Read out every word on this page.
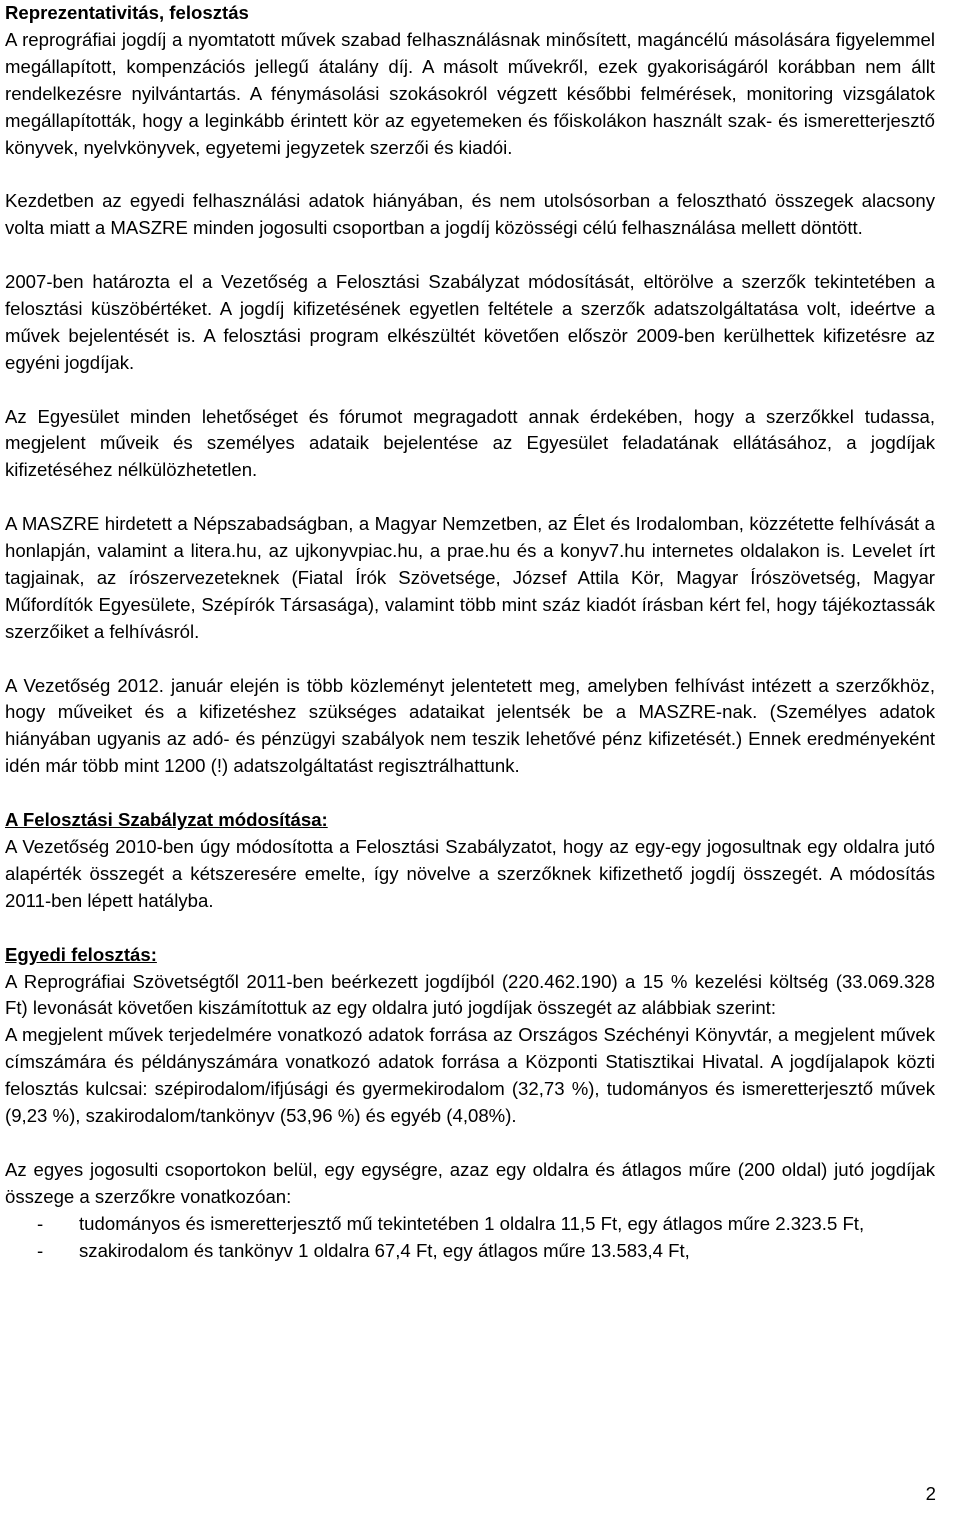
Reprezentativitás, felosztás

A reprográfiai jogdíj a nyomtatott művek szabad felhasználásnak minősített, magáncélú másolására figyelemmel megállapított, kompenzációs jellegű átalány díj. A másolt művekről, ezek gyakoriságáról korábban nem állt rendelkezésre nyilvántartás. A fénymásolási szokásokról végzett későbbi felmérések, monitoring vizsgálatok megállapították, hogy a leginkább érintett kör az egyetemeken és főiskolákon használt szak- és ismeretterjesztő könyvek, nyelvkönyvek, egyetemi jegyzetek szerzői és kiadói.

Kezdetben az egyedi felhasználási adatok hiányában, és nem utolsósorban a felosztható összegek alacsony volta miatt a MASZRE minden jogosulti csoportban a jogdíj közösségi célú felhasználása mellett döntött.

2007-ben határozta el a Vezetőség a Felosztási Szabályzat módosítását, eltörölve a szerzők tekintetében a felosztási küszöbértéket. A jogdíj kifizetésének egyetlen feltétele a szerzők adatszolgáltatása volt, ideértve a művek bejelentését is. A felosztási program elkészültét követően először 2009-ben kerülhettek kifizetésre az egyéni jogdíjak.

Az Egyesület minden lehetőséget és fórumot megragadott annak érdekében, hogy a szerzőkkel tudassa, megjelent műveik és személyes adataik bejelentése az Egyesület feladatának ellátásához, a jogdíjak kifizetéséhez nélkülözhetetlen.

A MASZRE hirdetett a Népszabadságban, a Magyar Nemzetben, az Élet és Irodalomban, közzétette felhívását a honlapján, valamint a litera.hu, az ujkonyvpiac.hu, a prae.hu és a konyv7.hu internetes oldalakon is. Levelet írt tagjainak, az írószervezeteknek (Fiatal Írók Szövetsége, József Attila Kör, Magyar Írószövetség, Magyar Műfordítók Egyesülete, Szépírók Társasága), valamint több mint száz kiadót írásban kért fel, hogy tájékoztassák szerzőiket a felhívásról.

A Vezetőség 2012. január elején is több közleményt jelentetett meg, amelyben felhívást intézett a szerzőkhöz, hogy műveiket és a kifizetéshez szükséges adataikat jelentsék be a MASZRE-nak. (Személyes adatok hiányában ugyanis az adó- és pénzügyi szabályok nem teszik lehetővé pénz kifizetését.) Ennek eredményeként idén már több mint 1200 (!) adatszolgáltatást regisztrálhattunk.

A Felosztási Szabályzat módosítása:

A Vezetőség 2010-ben úgy módosította a Felosztási Szabályzatot, hogy az egy-egy jogosultnak egy oldalra jutó alapérték összegét a kétszeresére emelte, így növelve a szerzőknek kifizethető jogdíj összegét. A módosítás 2011-ben lépett hatályba.

Egyedi felosztás:

A Reprográfiai Szövetségtől 2011-ben beérkezett jogdíjból (220.462.190) a 15 % kezelési költség (33.069.328 Ft) levonását követően kiszámítottuk az egy oldalra jutó jogdíjak összegét az alábbiak szerint:

A megjelent művek terjedelmére vonatkozó adatok forrása az Országos Széchényi Könyvtár, a megjelent művek címszámára és példányszámára vonatkozó adatok forrása a Központi Statisztikai Hivatal. A jogdíjalapok közti felosztás kulcsai: szépirodalom/ifjúsági és gyermekirodalom (32,73 %), tudományos és ismeretterjesztő művek (9,23 %), szakirodalom/tankönyv (53,96 %) és egyéb (4,08%).

Az egyes jogosulti csoportokon belül, egy egységre, azaz egy oldalra és átlagos műre (200 oldal) jutó jogdíjak összege a szerzőkre vonatkozóan:

- tudományos és ismeretterjesztő mű tekintetében 1 oldalra 11,5 Ft, egy átlagos műre 2.323.5 Ft,
- szakirodalom és tankönyv 1 oldalra 67,4 Ft, egy átlagos műre 13.583,4 Ft,
2
